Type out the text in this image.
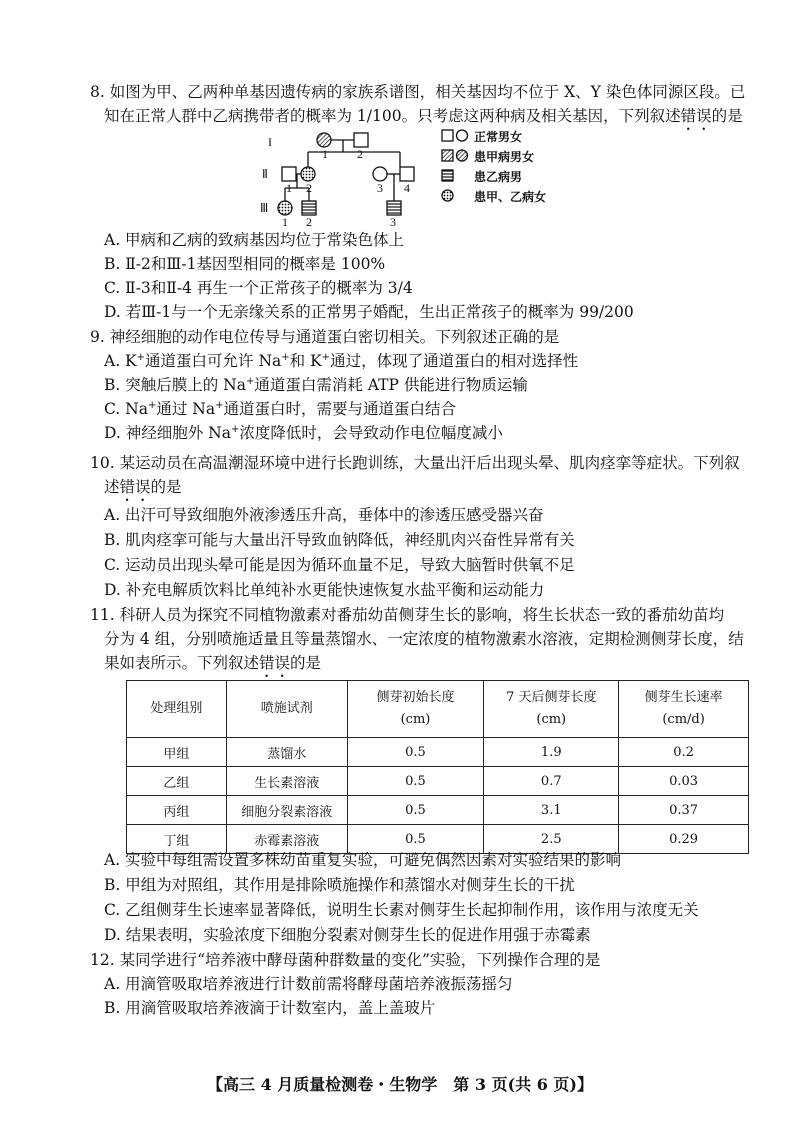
8. 如图为甲、乙两种单基因遗传病的家族系谱图，相关基因均不位于 X、Y 染色体同源区段。已
知在正常人群中乙病携带者的概率为 1/100。只考虑这两种病及相关基因，下列叙述错误的是
I
Ⅱ
Ⅲ
1 2
1 2	3 4
1 2	3
正常男女
患甲病男女
患乙病男
患甲、乙病女
A. 甲病和乙病的致病基因均位于常染色体上
B. Ⅱ-2和Ⅲ-1基因型相同的概率是 100%
C. Ⅱ-3和Ⅱ-4 再生一个正常孩子的概率为 3/4
D. 若Ⅲ-1与一个无亲缘关系的正常男子婚配，生出正常孩子的概率为 99/200
9. 神经细胞的动作电位传导与通道蛋白密切相关。下列叙述正确的是
A. K+通道蛋白可允许 Na+和 K+通过，体现了通道蛋白的相对选择性
B. 突触后膜上的 Na+通道蛋白需消耗 ATP 供能进行物质运输
C. Na+通过 Na+通道蛋白时，需要与通道蛋白结合
D. 神经细胞外 Na+浓度降低时，会导致动作电位幅度减小
10. 某运动员在高温潮湿环境中进行长跑训练，大量出汗后出现头晕、肌肉痉挛等症状。下列叙
述错误的是
A. 出汗可导致细胞外液渗透压升高，垂体中的渗透压感受器兴奋
B. 肌肉痉挛可能与大量出汗导致血钠降低，神经肌肉兴奋性异常有关
C. 运动员出现头晕可能是因为循环血量不足，导致大脑暂时供氧不足
D. 补充电解质饮料比单纯补水更能快速恢复水盐平衡和运动能力
11. 科研人员为探究不同植物激素对番茄幼苗侧芽生长的影响，将生长状态一致的番茄幼苗均
分为 4 组，分别喷施适量且等量蒸馏水、一定浓度的植物激素水溶液，定期检测侧芽长度，结
果如表所示。下列叙述错误的是
处理组别	喷施试剂	侧芽初始长度
(cm)	7 天后侧芽长度
(cm)	侧芽生长速率
(cm/d)
甲组	蒸馏水	0.5	1.9	0.2
乙组	生长素溶液	0.5	0.7	0.03
丙组	细胞分裂素溶液	0.5	3.1	0.37
丁组	赤霉素溶液	0.5	2.5	0.29
A. 实验中每组需设置多株幼苗重复实验，可避免偶然因素对实验结果的影响
B. 甲组为对照组，其作用是排除喷施操作和蒸馏水对侧芽生长的干扰
C. 乙组侧芽生长速率显著降低，说明生长素对侧芽生长起抑制作用，该作用与浓度无关
D. 结果表明，实验浓度下细胞分裂素对侧芽生长的促进作用强于赤霉素
12. 某同学进行“培养液中酵母菌种群数量的变化”实验，下列操作合理的是
A. 用滴管吸取培养液进行计数前需将酵母菌培养液振荡摇匀
B. 用滴管吸取培养液滴于计数室内，盖上盖玻片
【高三 4 月质量检测卷・生物学　第 3 页(共 6 页)】
